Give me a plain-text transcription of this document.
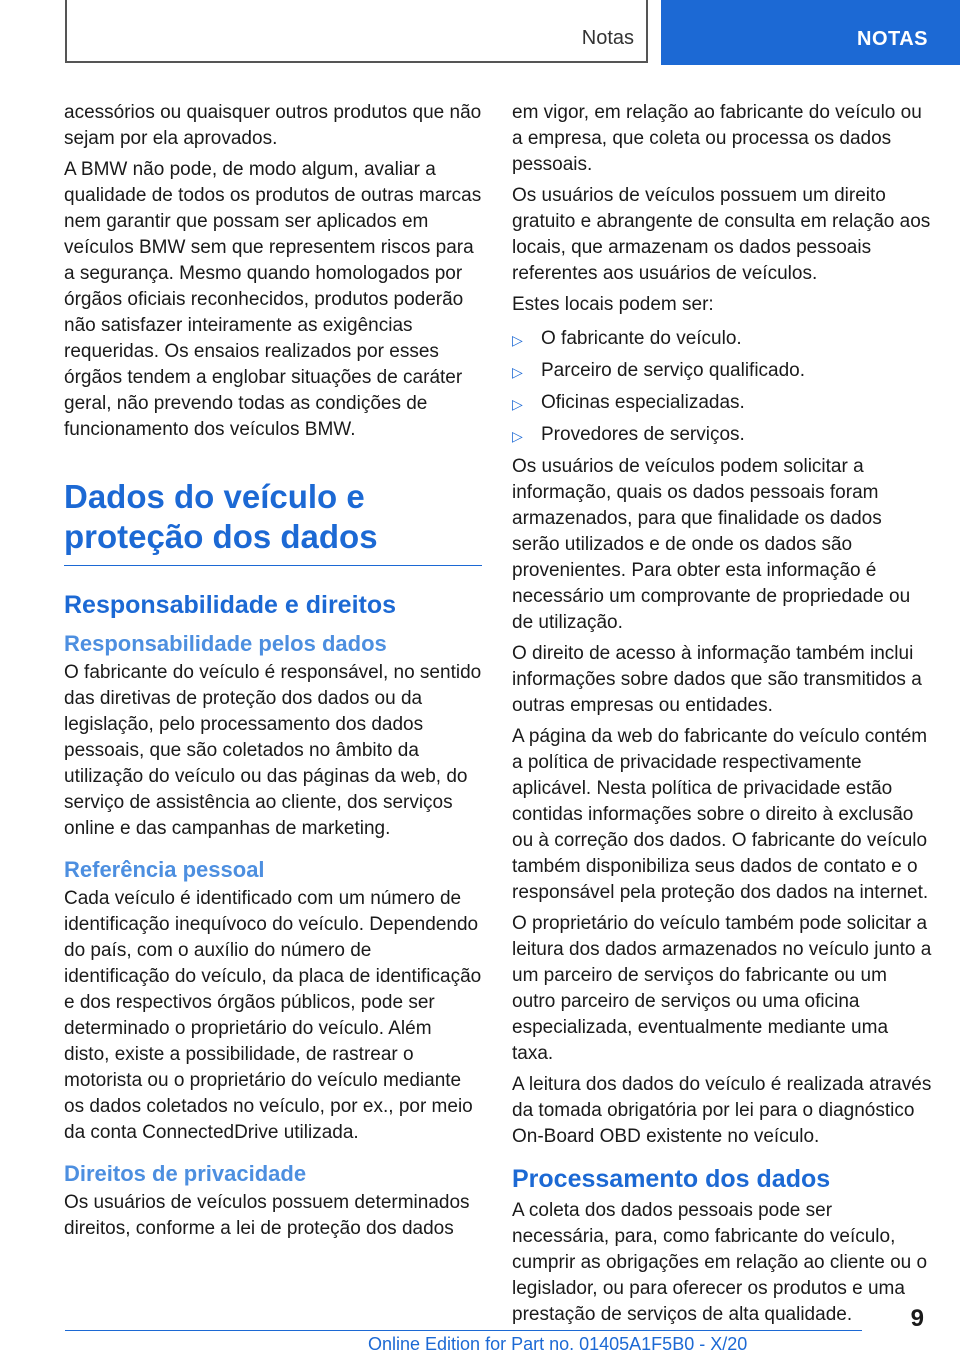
Notas	NOTAS

acessórios ou quaisquer outros produtos que não sejam por ela aprovados.

A BMW não pode, de modo algum, avaliar a qualidade de todos os produtos de outras marcas nem garantir que possam ser aplicados em veículos BMW sem que representem riscos para a segurança. Mesmo quando homologados por órgãos oficiais reconhecidos, produtos poderão não satisfazer inteiramente as exigências requeridas. Os ensaios realizados por esses órgãos tendem a englobar situações de caráter geral, não prevendo todas as condições de funcionamento dos veículos BMW.

Dados do veículo e proteção dos dados
Responsabilidade e direitos
Responsabilidade pelos dados

O fabricante do veículo é responsável, no sentido das diretivas de proteção dos dados ou da legislação, pelo processamento dos dados pessoais, que são coletados no âmbito da utilização do veículo ou das páginas da web, do serviço de assistência ao cliente, dos serviços online e das campanhas de marketing.

Referência pessoal

Cada veículo é identificado com um número de identificação inequívoco do veículo. Dependendo do país, com o auxílio do número de identificação do veículo, da placa de identificação e dos respectivos órgãos públicos, pode ser determinado o proprietário do veículo. Além disto, existe a possibilidade, de rastrear o motorista ou o proprietário do veículo mediante os dados coletados no veículo, por ex., por meio da conta ConnectedDrive utilizada.

Direitos de privacidade

Os usuários de veículos possuem determinados direitos, conforme a lei de proteção dos dados

em vigor, em relação ao fabricante do veículo ou a empresa, que coleta ou processa os dados pessoais.

Os usuários de veículos possuem um direito gratuito e abrangente de consulta em relação aos locais, que armazenam os dados pessoais referentes aos usuários de veículos.

Estes locais podem ser:

▷ O fabricante do veículo.
▷ Parceiro de serviço qualificado.
▷ Oficinas especializadas.
▷ Provedores de serviços.

Os usuários de veículos podem solicitar a informação, quais os dados pessoais foram armazenados, para que finalidade os dados serão utilizados e de onde os dados são provenientes. Para obter esta informação é necessário um comprovante de propriedade ou de utilização.

O direito de acesso à informação também inclui informações sobre dados que são transmitidos a outras empresas ou entidades.

A página da web do fabricante do veículo contém a política de privacidade respectivamente aplicável. Nesta política de privacidade estão contidas informações sobre o direito à exclusão ou à correção dos dados. O fabricante do veículo também disponibiliza seus dados de contato e o responsável pela proteção dos dados na internet.

O proprietário do veículo também pode solicitar a leitura dos dados armazenados no veículo junto a um parceiro de serviços do fabricante ou um outro parceiro de serviços ou uma oficina especializada, eventualmente mediante uma taxa.

A leitura dos dados do veículo é realizada através da tomada obrigatória por lei para o diagnóstico On-Board OBD existente no veículo.

Processamento dos dados

A coleta dos dados pessoais pode ser necessária, para, como fabricante do veículo, cumprir as obrigações em relação ao cliente ou o legislador, ou para oferecer os produtos e uma prestação de serviços de alta qualidade.	9
Online Edition for Part no. 01405A1F5B0 - X/20
